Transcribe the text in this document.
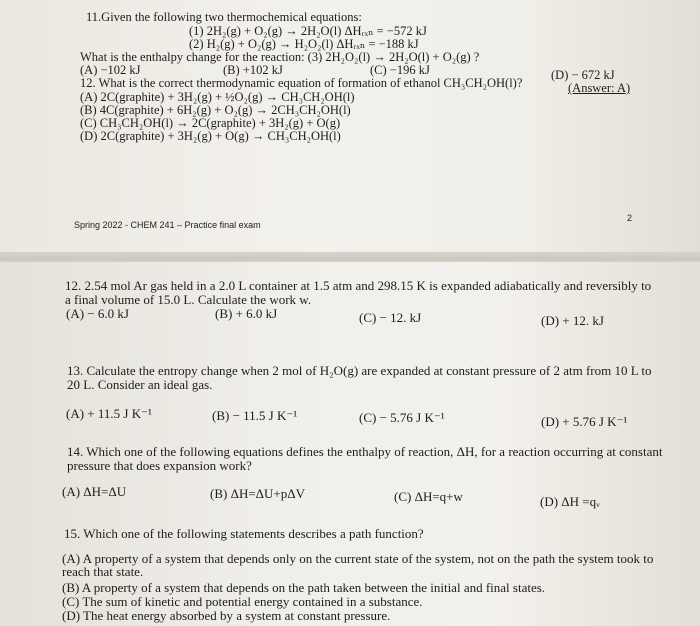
11.Given the following two thermochemical equations:
(1) 2H₂(g) + O₂(g) → 2H₂O(l) ΔHᵣₓₙ = −572 kJ
(2) H₂(g) + O₂(g) → H₂O₂(l) ΔHᵣₓₙ = −188 kJ
What is the enthalpy change for the reaction: (3) 2H₂O₂(l) → 2H₂O(l) + O₂(g) ?
(A) −102 kJ	(B) +102 kJ	(C) −196 kJ	(D) − 672 kJ
(Answer: A)
12. What is the correct thermodynamic equation of formation of ethanol CH₃CH₂OH(l)?
(A) 2C(graphite) + 3H₂(g) + ½O₂(g) → CH₃CH₂OH(l)
(B) 4C(graphite) + 6H₂(g) + O₂(g) → 2CH₃CH₂OH(l)
(C) CH₃CH₂OH(l) → 2C(graphite) + 3H₂(g) + O(g)
(D) 2C(graphite) + 3H₂(g) + O(g) → CH₃CH₂OH(l)
Spring 2022 - CHEM 241 – Practice final exam
2
12. 2.54 mol Ar gas held in a 2.0 L container at 1.5 atm and 298.15 K is expanded adiabatically and reversibly to
a final volume of 15.0 L. Calculate the work w.
(A) − 6.0 kJ	(B) + 6.0 kJ	(C) − 12. kJ	(D) + 12. kJ
13. Calculate the entropy change when 2 mol of H₂O(g) are expanded at constant pressure of 2 atm from 10 L to
20 L. Consider an ideal gas.
(A) + 11.5 J K⁻¹	(B) − 11.5 J K⁻¹	(C) − 5.76 J K⁻¹	(D) + 5.76 J K⁻¹
14. Which one of the following equations defines the enthalpy of reaction, ΔH, for a reaction occurring at constant
pressure that does expansion work?
(A) ΔH=ΔU	(B) ΔH=ΔU+pΔV	(C) ΔH=q+w	(D) ΔH =qᵥ
15. Which one of the following statements describes a path function?
(A) A property of a system that depends only on the current state of the system, not on the path the system took to
reach that state.
(B) A property of a system that depends on the path taken between the initial and final states.
(C) The sum of kinetic and potential energy contained in a substance.
(D) The heat energy absorbed by a system at constant pressure.
